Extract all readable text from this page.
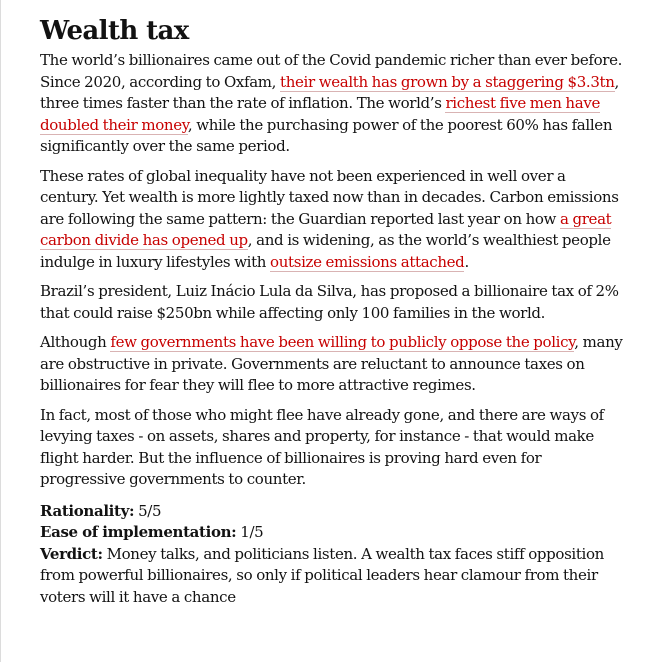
Wealth tax

The world’s billionaires came out of the Covid pandemic richer than ever before. Since 2020, according to Oxfam, their wealth has grown by a staggering $3.3tn, three times faster than the rate of inflation. The world’s richest five men have doubled their money, while the purchasing power of the poorest 60% has fallen significantly over the same period.

These rates of global inequality have not been experienced in well over a century. Yet wealth is more lightly taxed now than in decades. Carbon emissions are following the same pattern: the Guardian reported last year on how a great carbon divide has opened up, and is widening, as the world’s wealthiest people indulge in luxury lifestyles with outsize emissions attached.

Brazil’s president, Luiz Inácio Lula da Silva, has proposed a billionaire tax of 2% that could raise $250bn while affecting only 100 families in the world.

Although few governments have been willing to publicly oppose the policy, many are obstructive in private. Governments are reluctant to announce taxes on billionaires for fear they will flee to more attractive regimes.

In fact, most of those who might flee have already gone, and there are ways of levying taxes - on assets, shares and property, for instance - that would make flight harder. But the influence of billionaires is proving hard even for progressive governments to counter.

Rationality: 5/5

Ease of implementation: 1/5

Verdict: Money talks, and politicians listen. A wealth tax faces stiff opposition from powerful billionaires, so only if political leaders hear clamour from their voters will it have a chance
